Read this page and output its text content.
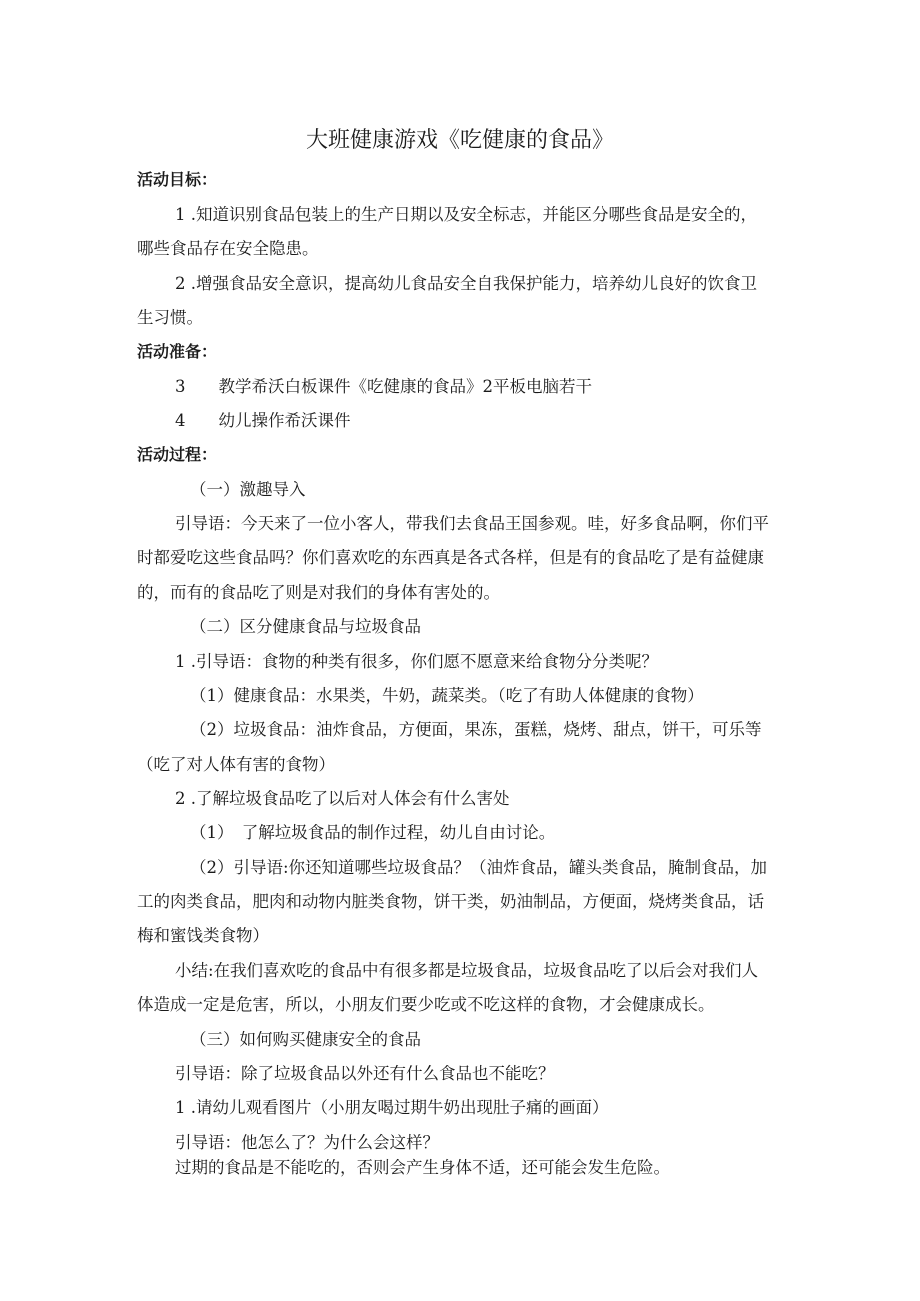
大班健康游戏《吃健康的食品》
活动目标：
1 .知道识别食品包装上的生产日期以及安全标志，并能区分哪些食品是安全的，
哪些食品存在安全隐患。
2 .增强食品安全意识，提高幼儿食品安全自我保护能力，培养幼儿良好的饮食卫
生习惯。
活动准备：
3　　教学希沃白板课件《吃健康的食品》2平板电脑若干
4　　幼儿操作希沃课件
活动过程：
（一）激趣导入
引导语：今天来了一位小客人，带我们去食品王国参观。哇，好多食品啊，你们平
时都爱吃这些食品吗？你们喜欢吃的东西真是各式各样，但是有的食品吃了是有益健康
的，而有的食品吃了则是对我们的身体有害处的。
（二）区分健康食品与垃圾食品
1 .引导语：食物的种类有很多，你们愿不愿意来给食物分分类呢？
（1）健康食品：水果类，牛奶，蔬菜类。（吃了有助人体健康的食物）
（2）垃圾食品：油炸食品，方便面，果冻，蛋糕，烧烤、甜点，饼干，可乐等
（吃了对人体有害的食物）
2 .了解垃圾食品吃了以后对人体会有什么害处
（1）　了解垃圾食品的制作过程，幼儿自由讨论。
（2）引导语:你还知道哪些垃圾食品？（油炸食品，罐头类食品，腌制食品，加
工的肉类食品，肥肉和动物内脏类食物，饼干类，奶油制品，方便面，烧烤类食品，话
梅和蜜饯类食物）
小结:在我们喜欢吃的食品中有很多都是垃圾食品，垃圾食品吃了以后会对我们人
体造成一定是危害，所以，小朋友们要少吃或不吃这样的食物，才会健康成长。
（三）如何购买健康安全的食品
引导语：除了垃圾食品以外还有什么食品也不能吃？
1 .请幼儿观看图片（小朋友喝过期牛奶出现肚子痛的画面）
引导语：他怎么了？为什么会这样？
过期的食品是不能吃的，否则会产生身体不适，还可能会发生危险。
